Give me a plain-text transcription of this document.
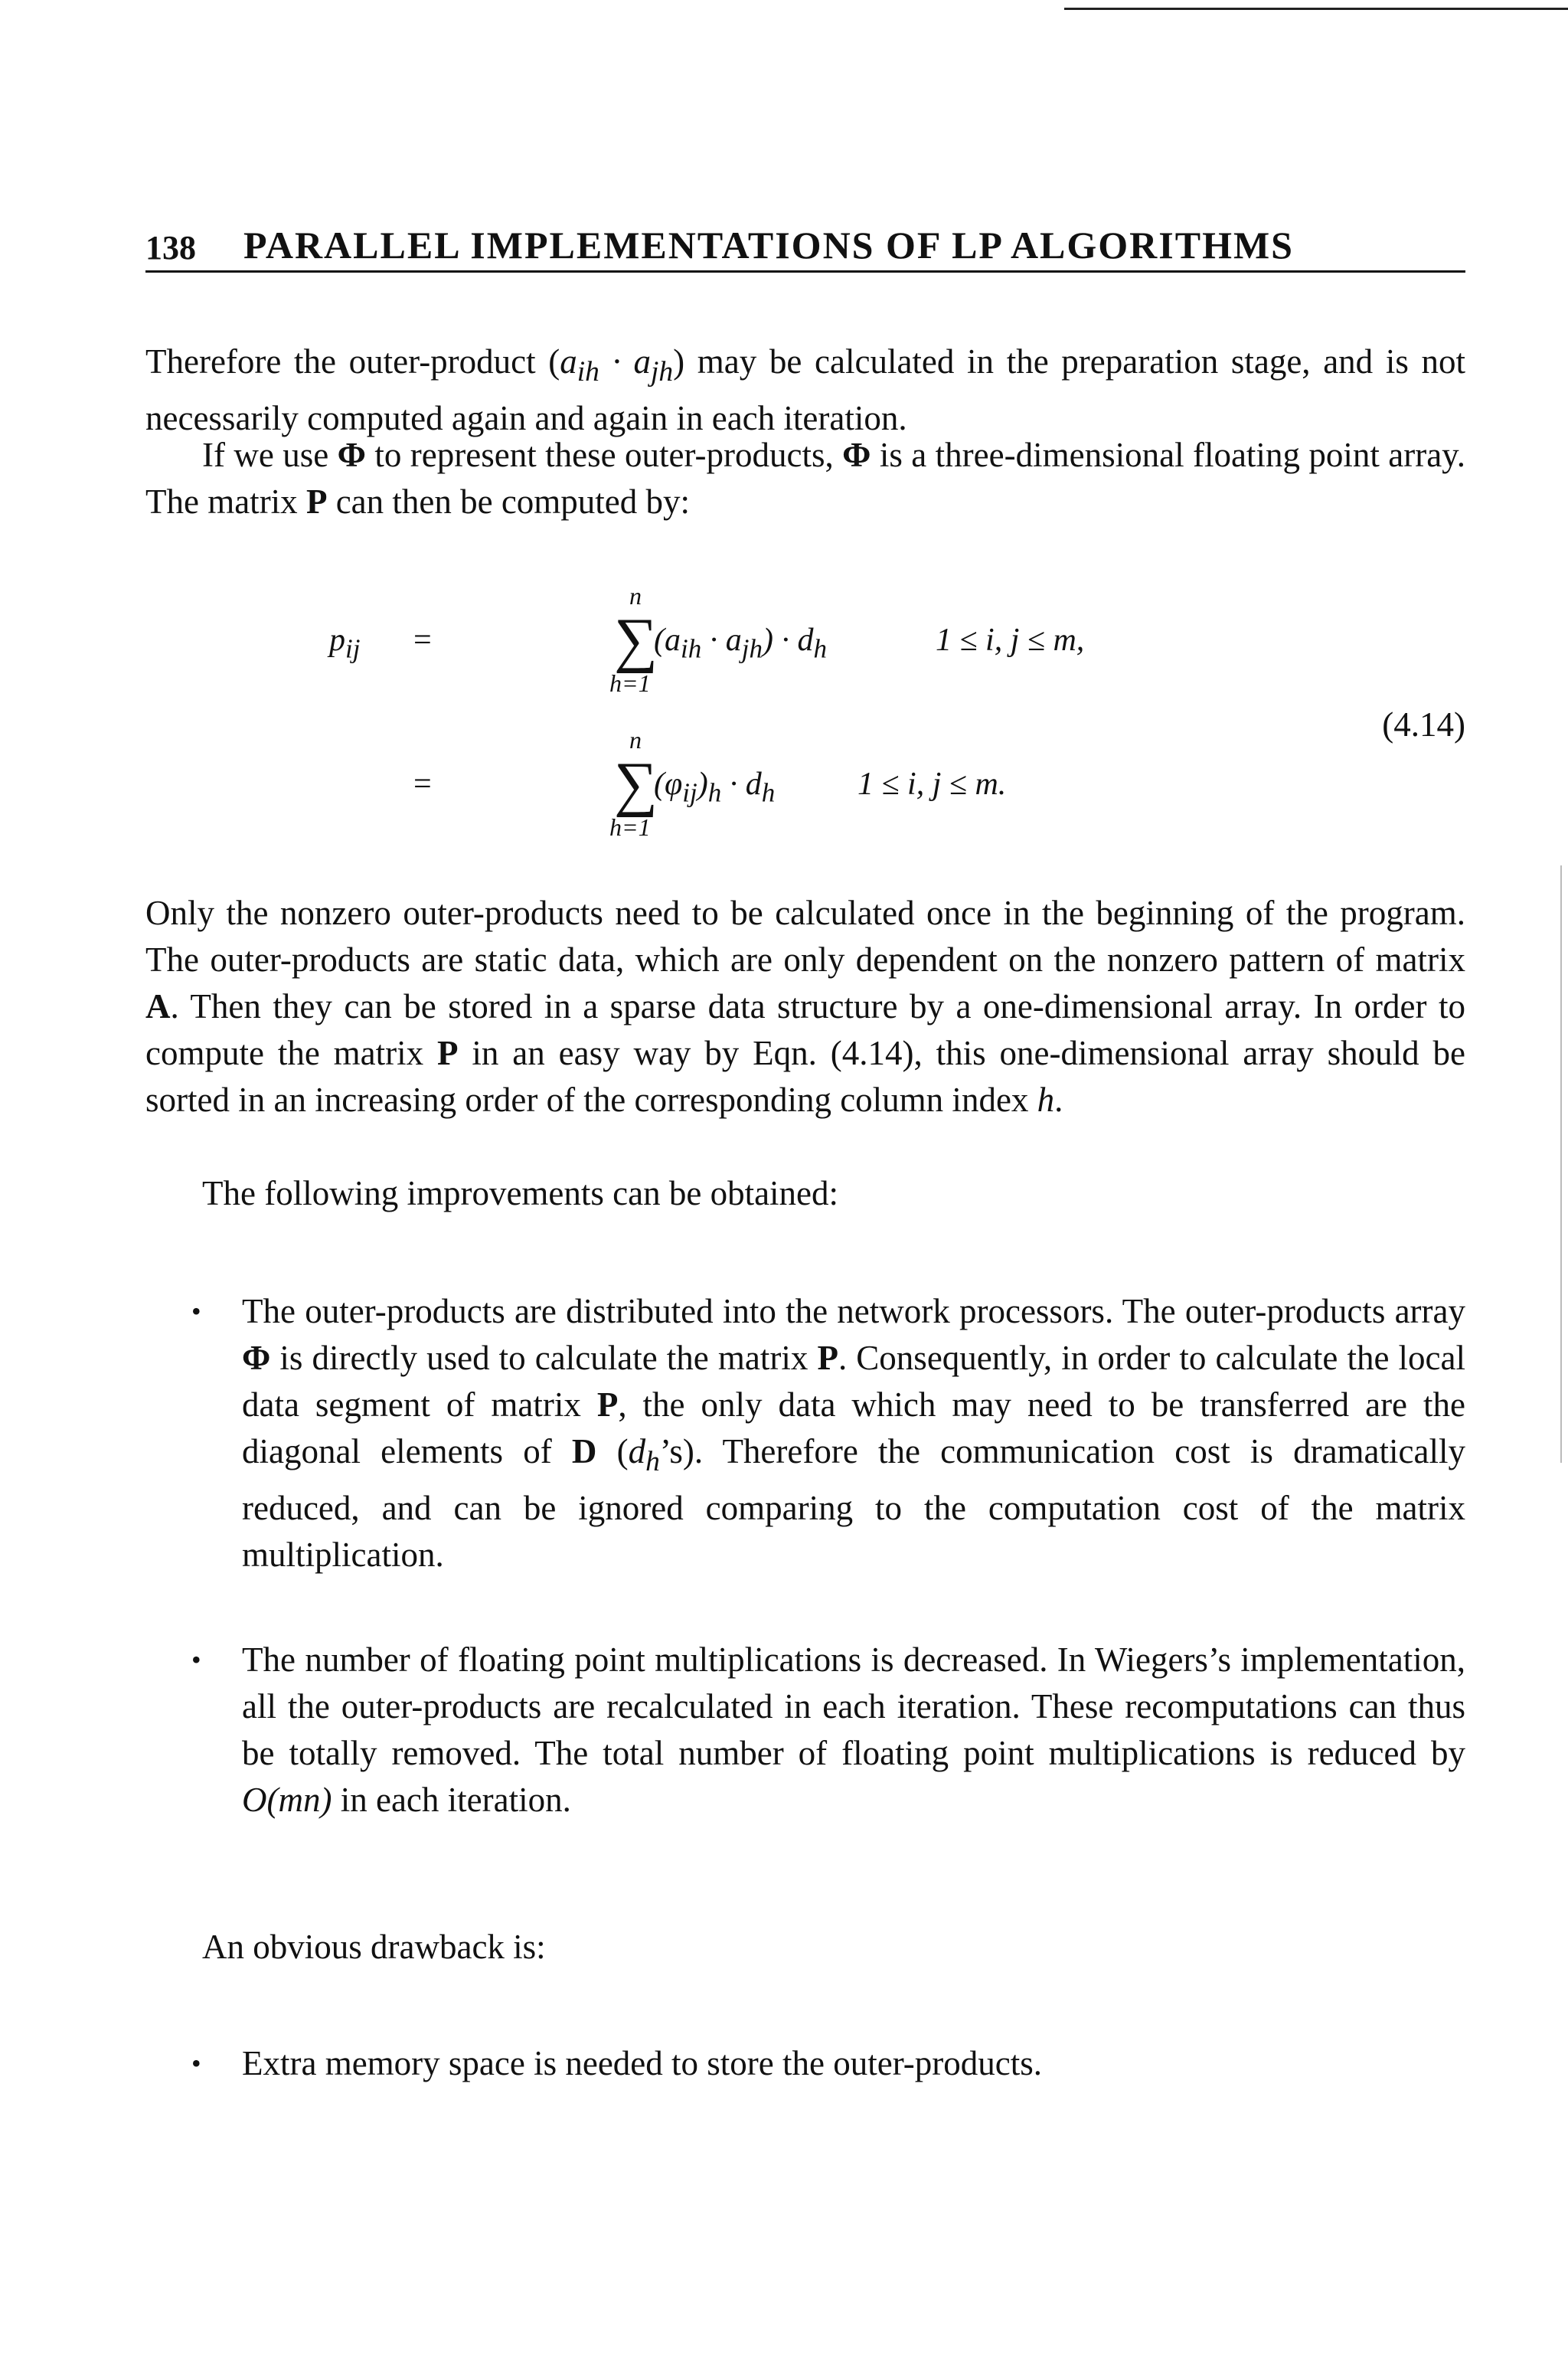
138 PARALLEL IMPLEMENTATIONS OF LP ALGORITHMS
Therefore the outer-product $(a_{ih} \cdot a_{jh})$ may be calculated in the preparation stage, and is not necessarily computed again and again in each iteration.
If we use Φ to represent these outer-products, Φ is a three-dimensional floating point array. The matrix P can then be computed by:
$p_{ij}$ =
n
∑
h=1
$(a_{ih} \cdot a_{jh}) \cdot d_h$	1 ≤ i, j ≤ m,
=
n
∑
h=1
$(\varphi_{ij})_h \cdot d_h$	1 ≤ i, j ≤ m.
(4.14)
Only the nonzero outer-products need to be calculated once in the beginning of the program. The outer-products are static data, which are only dependent on the nonzero pattern of matrix A. Then they can be stored in a sparse data structure by a one-dimensional array. In order to compute the matrix P in an easy way by Eqn. (4.14), this one-dimensional array should be sorted in an increasing order of the corresponding column index h.
The following improvements can be obtained:
• The outer-products are distributed into the network processors. The outer-products array Φ is directly used to calculate the matrix P. Consequently, in order to calculate the local data segment of matrix P, the only data which may need to be transferred are the diagonal elements of D $(d_h’s)$. Therefore the communication cost is dramatically reduced, and can be ignored comparing to the computation cost of the matrix multiplication.
• The number of floating point multiplications is decreased. In Wiegers’s implementation, all the outer-products are recalculated in each iteration. These recomputations can thus be totally removed. The total number of floating point multiplications is reduced by O(mn) in each iteration.
An obvious drawback is:
• Extra memory space is needed to store the outer-products.
